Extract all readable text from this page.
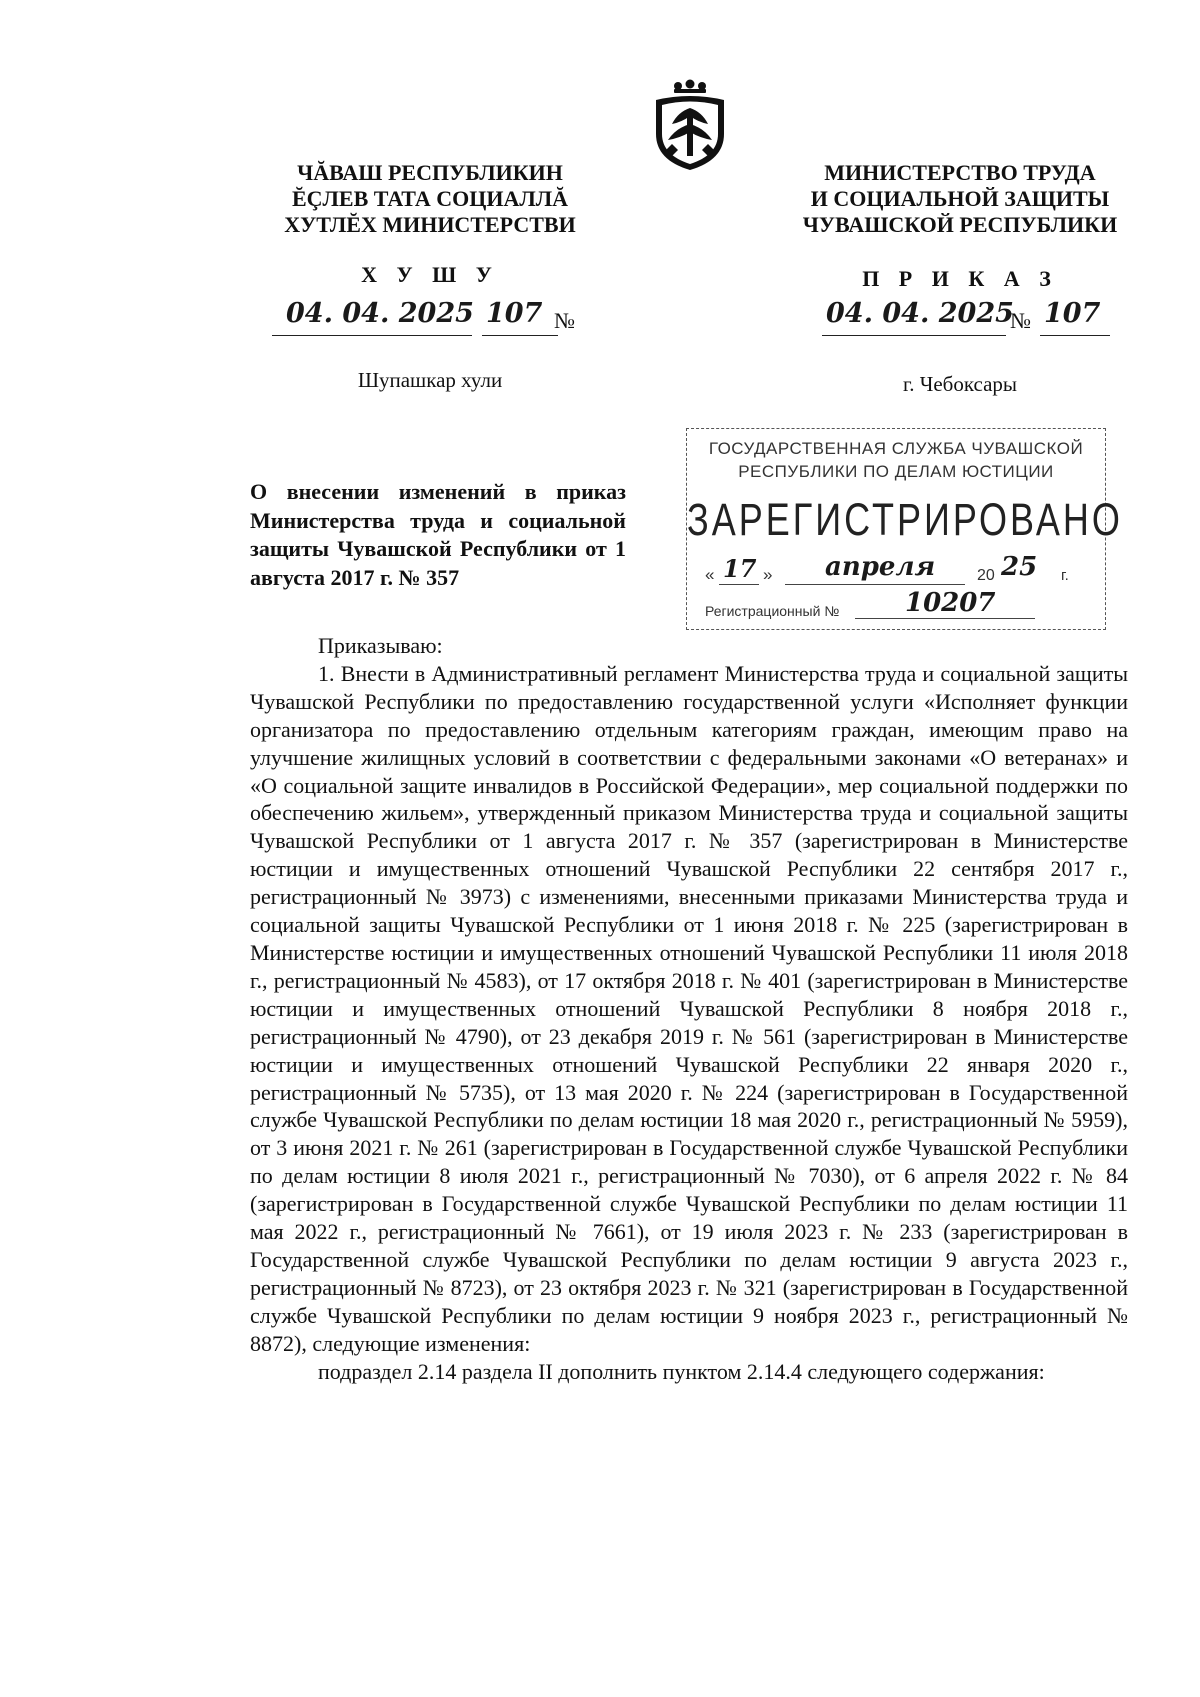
ЧĂВАШ РЕСПУБЛИКИН
ĔÇЛЕВ ТАТА СОЦИАЛЛĂ
ХУТЛĔХ МИНИСТЕРСТВИ
Х У Ш У
04. 04. 2025 107 №
Шупашкар хули
МИНИСТЕРСТВО ТРУДА
И СОЦИАЛЬНОЙ ЗАЩИТЫ
ЧУВАШСКОЙ РЕСПУБЛИКИ
П Р И К А З
04. 04. 2025
№ 107
г. Чебоксары
ГОСУДАРСТВЕННАЯ СЛУЖБА ЧУВАШСКОЙ
РЕСПУБЛИКИ ПО ДЕЛАМ ЮСТИЦИИ
ЗАРЕГИСТРИРОВАНО
« 17 » апреля	20 25 г.
Регистрационный №	10207
О внесении изменений в приказ Министерства труда и социальной защиты Чувашской Республики от 1 августа 2017 г. № 357

Приказываю:

1. Внести в Административный регламент Министерства труда и социальной защиты Чувашской Республики по предоставлению государственной услуги «Исполняет функции организатора по предоставлению отдельным категориям граждан, имеющим право на улучшение жилищных условий в соответствии с федеральными законами «О ветеранах» и «О социальной защите инвалидов в Российской Федерации», мер социальной поддержки по обеспечению жильем», утвержденный приказом Министерства труда и социальной защиты Чувашской Республики от 1 августа 2017 г. № 357 (зарегистрирован в Министерстве юстиции и имущественных отношений Чувашской Республики 22 сентября 2017 г., регистрационный № 3973) с изменениями, внесенными приказами Министерства труда и социальной защиты Чувашской Республики от 1 июня 2018 г. № 225 (зарегистрирован в Министерстве юстиции и имущественных отношений Чувашской Республики 11 июля 2018 г., регистрационный № 4583), от 17 октября 2018 г. № 401 (зарегистрирован в Министерстве юстиции и имущественных отношений Чувашской Республики 8 ноября 2018 г., регистрационный № 4790), от 23 декабря 2019 г. № 561 (зарегистрирован в Министерстве юстиции и имущественных отношений Чувашской Республики 22 января 2020 г., регистрационный № 5735), от 13 мая 2020 г. № 224 (зарегистрирован в Государственной службе Чувашской Республики по делам юстиции 18 мая 2020 г., регистрационный № 5959), от 3 июня 2021 г. № 261 (зарегистрирован в Государственной службе Чувашской Республики по делам юстиции 8 июля 2021 г., регистрационный № 7030), от 6 апреля 2022 г. № 84 (зарегистрирован в Государственной службе Чувашской Республики по делам юстиции 11 мая 2022 г., регистрационный № 7661), от 19 июля 2023 г. № 233 (зарегистрирован в Государственной службе Чувашской Республики по делам юстиции 9 августа 2023 г., регистрационный № 8723), от 23 октября 2023 г. № 321 (зарегистрирован в Государственной службе Чувашской Республики по делам юстиции 9 ноября 2023 г., регистрационный № 8872), следующие изменения:

подраздел 2.14 раздела II дополнить пунктом 2.14.4 следующего содержания:
